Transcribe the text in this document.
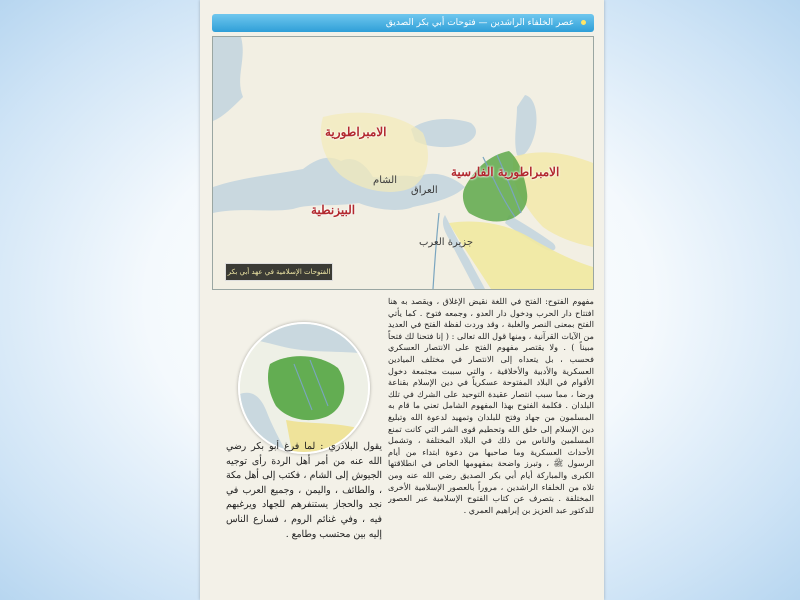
عصر الخلفاء الراشدين — فتوحات أبي بكر الصديق
الامبراطورية
البيزنطية
الامبراطورية الفارسية
الشام
العراق
جزيرة العرب
الفتوحات الإسلامية في عهد أبي بكر
مفهوم الفتوح: الفتح في اللغة نقيض الإغلاق ، ويقصد به هنا افتتاح دار الحرب ودخول دار العدو ، وجمعه فتوح . كما يأتي الفتح بمعنى النصر والغلبة ، وقد وردت لفظة الفتح في العديد من الآيات القرآنية ، ومنها قول الله تعالى : ( إنا فتحنا لك فتحاً مبيناً ) . ولا يقتصر مفهوم الفتح على الانتصار العسكري فحسب ، بل يتعداه إلى الانتصار في مختلف الميادين العسكرية والأدبية والأخلاقية ، والتي سببت مجتمعة دخول الأقوام في البلاد المفتوحة عسكرياً في دين الإسلام بقناعة ورضا ، مما سبب انتصار عقيدة التوحيد على الشرك في تلك البلدان . فكلمة الفتوح بهذا المفهوم الشامل تعني ما قام به المسلمون من جهاد وفتح للبلدان وتمهيد لدعوة الله وتبليغ دين الإسلام إلى خلق الله وتحطيم قوى الشر التي كانت تمنع المسلمين والناس من ذلك في البلاد المختلفة ، وتشمل الأحداث العسكرية وما صاحبها من دعوة ابتداء من أيام الرسول ﷺ ، وتبرز واضحة بمفهومها الخاص في انطلاقتها الكبرى والمباركة أيام أبي بكر الصديق رضي الله عنه ومن تلاه من الخلفاء الراشدين ، مروراً بالعصور الإسلامية الأخرى المختلفة . بتصرف عن كتاب الفتوح الإسلامية عبر العصور للدكتور عبد العزيز بن إبراهيم العمري .
يقول البلاذري : لما فرغ أبو بكر رضي الله عنه من أمر أهل الردة رأى توجيه الجيوش إلى الشام ، فكتب إلى أهل مكة ، والطائف ، واليمن ، وجميع العرب في نجد والحجاز يستنفرهم للجهاد ويرغبهم فيه ، وفي غنائم الروم ، فسارع الناس إليه بين محتسب وطامع .
